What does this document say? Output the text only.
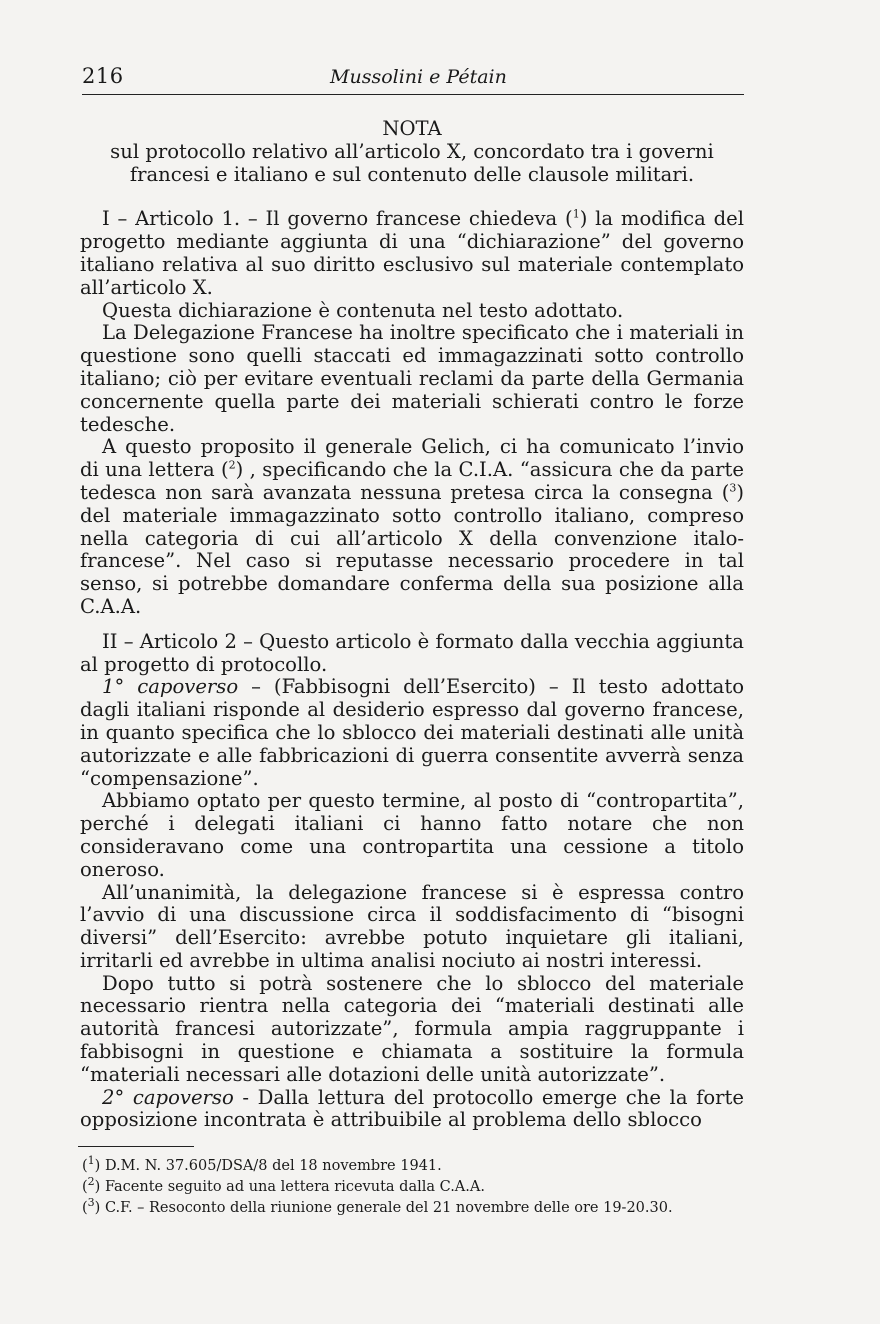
216	Mussolini e Pétain
NOTA
sul protocollo relativo all’articolo X, concordato tra i governi francesi e italiano e sul contenuto delle clausole militari.

I – Articolo 1. – Il governo francese chiedeva ($^1$) la modifica del progetto mediante aggiunta di una “dichiarazione” del governo italiano relativa al suo diritto esclusivo sul materiale contemplato all’articolo X.

Questa dichiarazione è contenuta nel testo adottato.

La Delegazione Francese ha inoltre specificato che i materiali in questione sono quelli staccati ed immagazzinati sotto controllo italiano; ciò per evitare eventuali reclami da parte della Germania concernente quella parte dei materiali schierati contro le forze tedesche.

A questo proposito il generale Gelich, ci ha comunicato l’invio di una lettera ($^2$) , specificando che la C.I.A. “assicura che da parte tedesca non sarà avanzata nessuna pretesa circa la consegna ($^3$) del materiale immagazzinato sotto controllo italiano, compreso nella categoria di cui all’articolo X della convenzione italo-francese”. Nel caso si reputasse necessario procedere in tal senso, si potrebbe domandare conferma della sua posizione alla C.A.A.

II – Articolo 2 – Questo articolo è formato dalla vecchia aggiunta al progetto di protocollo.

1° capoverso – (Fabbisogni dell’Esercito) – Il testo adottato dagli italiani risponde al desiderio espresso dal governo francese, in quanto specifica che lo sblocco dei materiali destinati alle unità autorizzate e alle fabbricazioni di guerra consentite avverrà senza “compensazione”.

Abbiamo optato per questo termine, al posto di “contropartita”, perché i delegati italiani ci hanno fatto notare che non consideravano come una contropartita una cessione a titolo oneroso.

All’unanimità, la delegazione francese si è espressa contro l’avvio di una discussione circa il soddisfacimento di “bisogni diversi” dell’Esercito: avrebbe potuto inquietare gli italiani, irritarli ed avrebbe in ultima analisi nociuto ai nostri interessi.

Dopo tutto si potrà sostenere che lo sblocco del materiale necessario rientra nella categoria dei “materiali destinati alle autorità francesi autorizzate”, formula ampia raggruppante i fabbisogni in questione e chiamata a sostituire la formula “materiali necessari alle dotazioni delle unità autorizzate”.

2° capoverso - Dalla lettura del protocollo emerge che la forte opposizione incontrata è attribuibile al problema dello sblocco

($^1$) D.M. N. 37.605/DSA/8 del 18 novembre 1941.
($^2$) Facente seguito ad una lettera ricevuta dalla C.A.A.
($^3$) C.F. – Resoconto della riunione generale del 21 novembre delle ore 19-20.30.
